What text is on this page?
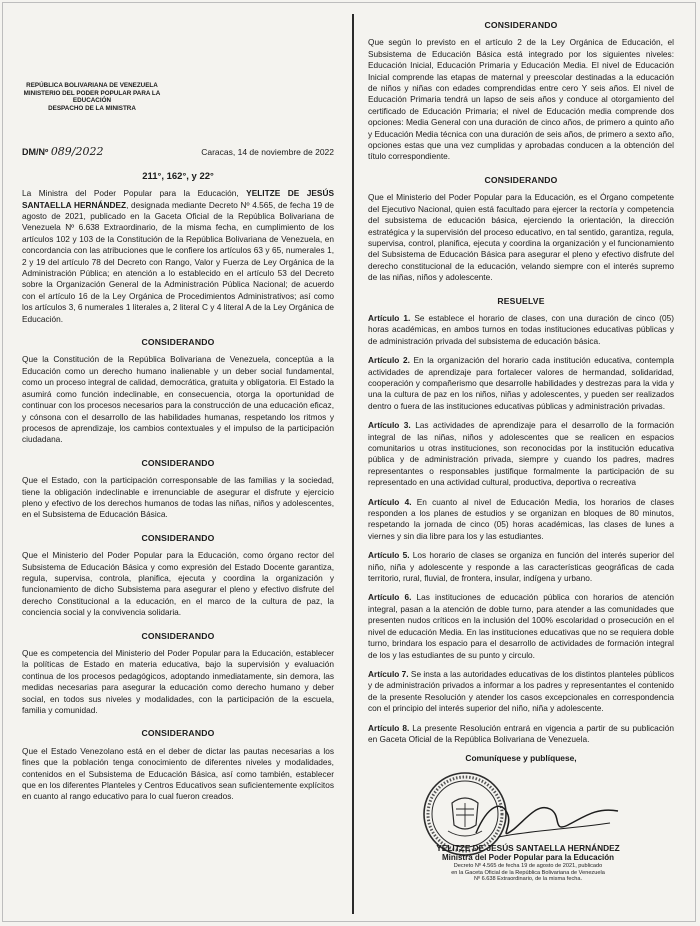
REPÚBLICA BOLIVARIANA DE VENEZUELA
MINISTERIO DEL PODER POPULAR PARA LA EDUCACIÓN
DESPACHO DE LA MINISTRA
DM/Nº 089/2022	Caracas, 14 de noviembre de 2022
211°, 162°, y 22°

La Ministra del Poder Popular para la Educación, YELITZE DE JESÚS SANTAELLA HERNÁNDEZ, designada mediante Decreto Nº 4.565, de fecha 19 de agosto de 2021, publicado en la Gaceta Oficial de la República Bolivariana de Venezuela Nº 6.638 Extraordinario, de la misma fecha, en cumplimiento de los artículos 102 y 103 de la Constitución de la República Bolivariana de Venezuela, en concordancia con las atribuciones que le confiere los artículos 63 y 65, numerales 1, 2 y 19 del artículo 78 del Decreto con Rango, Valor y Fuerza de Ley Orgánica de la Administración Pública; en atención a lo establecido en el artículo 53 del Decreto sobre la Organización General de la Administración Pública Nacional; de acuerdo con el artículo 16 de la Ley Orgánica de Procedimientos Administrativos; así como los artículos 3, 6 numerales 1 literales a, 2 literal C y 4 literal A de la Ley Orgánica de Educación.

CONSIDERANDO

Que la Constitución de la República Bolivariana de Venezuela, conceptúa a la Educación como un derecho humano inalienable y un deber social fundamental, como un proceso integral de calidad, democrática, gratuita y obligatoria. El Estado la asumirá como función indeclinable, en consecuencia, otorga la oportunidad de continuar con los procesos necesarios para la construcción de una educación eficaz, y cónsona con el desarrollo de las habilidades humanas, respetando los ritmos y procesos de aprendizaje, los cambios contextuales y el impulso de la participación ciudadana.

CONSIDERANDO

Que el Estado, con la participación corresponsable de las familias y la sociedad, tiene la obligación indeclinable e irrenunciable de asegurar el disfrute y ejercicio pleno y efectivo de los derechos humanos de todas las niñas, niños y adolescentes, en el Subsistema de Educación Básica.

CONSIDERANDO

Que el Ministerio del Poder Popular para la Educación, como órgano rector del Subsistema de Educación Básica y como expresión del Estado Docente garantiza, regula, supervisa, controla, planifica, ejecuta y coordina la organización y funcionamiento de dicho Subsistema para asegurar el pleno y efectivo disfrute del derecho Constitucional a la educación, en el marco de la cultura de paz, la conciencia social y la convivencia solidaria.

CONSIDERANDO

Que es competencia del Ministerio del Poder Popular para la Educación, establecer la políticas de Estado en materia educativa, bajo la supervisión y evaluación continua de los procesos pedagógicos, adoptando inmediatamente, sin demora, las medidas necesarias para asegurar la educación como derecho humano y deber social, en todos sus niveles y modalidades, con la participación de la escuela, familia y comunidad.

CONSIDERANDO

Que el Estado Venezolano está en el deber de dictar las pautas necesarias a los fines que la población tenga conocimiento de diferentes niveles y modalidades, contenidos en el Subsistema de Educación Básica, así como también, establecer que en los diferentes Planteles y Centros Educativos sean suficientemente explícitos en cuanto al rango educativo para lo cual fueron creados.

CONSIDERANDO

Que según lo previsto en el artículo 2 de la Ley Orgánica de Educación, el Subsistema de Educación Básica está integrado por los siguientes niveles: Educación Inicial, Educación Primaria y Educación Media. El nivel de Educación Inicial comprende las etapas de maternal y preescolar destinadas a la educación de niños y niñas con edades comprendidas entre cero Y seis años. El nivel de Educación Primaria tendrá un lapso de seis años y conduce al otorgamiento del certificado de Educación Primaria; el nivel de Educación media comprende dos opciones: Media General con una duración de cinco años, de primero a quinto año y Educación Media técnica con una duración de seis años, de primero a sexto año, opciones estas que una vez cumplidas y aprobadas conducen a la obtención del título correspondiente.

CONSIDERANDO

Que el Ministerio del Poder Popular para la Educación, es el Órgano competente del Ejecutivo Nacional, quien está facultado para ejercer la rectoría y competencia del subsistema de educación básica, ejerciendo la orientación, la dirección estratégica y la supervisión del proceso educativo, en tal sentido, garantiza, regula, supervisa, control, planifica, ejecuta y coordina la organización y el funcionamiento del Subsistema de Educación Básica para asegurar el pleno y efectivo disfrute del derecho constitucional de la educación, velando siempre con el interés supremo de las niñas, niños y adolescente.

RESUELVE

Artículo 1. Se establece el horario de clases, con una duración de cinco (05) horas académicas, en ambos turnos en todas instituciones educativas públicas y de administración privada del subsistema de educación básica.

Artículo 2. En la organización del horario cada institución educativa, contempla actividades de aprendizaje para fortalecer valores de hermandad, solidaridad, cooperación y compañerismo que desarrolle habilidades y destrezas para la vida y una la cultura de paz en los niños, niñas y adolescentes, y pueden ser realizados dentro o fuera de las instituciones educativas públicas y administración privadas.

Artículo 3. Las actividades de aprendizaje para el desarrollo de la formación integral de las niñas, niños y adolescentes que se realicen en espacios comunitarios u otras instituciones, son reconocidas por la institución educativa pública y de administración privada, siempre y cuando los padres, madres representantes o responsables justifique formalmente la participación de su representado en una actividad cultural, productiva, deportiva o recreativa

Artículo 4. En cuanto al nivel de Educación Media, los horarios de clases responden a los planes de estudios y se organizan en bloques de 80 minutos, respetando la jornada de cinco (05) horas académicas, las clases de lunes a viernes y sin dia libre para los y las estudiantes.

Artículo 5. Los horario de clases se organiza en función del interés superior del niño, niña y adolescente y responde a las características geográficas de cada territorio, rural, fluvial, de frontera, insular, indígena y urbano.

Artículo 6. Las instituciones de educación pública con horarios de atención integral, pasan a la atención de doble turno, para atender a las comunidades que presenten nudos críticos en la inclusión del 100% escolaridad o prosecución en el nivel de educación Media. En las instituciones educativas que no se requiera doble turno, brindara los espacio para el desarrollo de actividades de formación integral de los y las estudiantes de su punto y circulo.

Artículo 7. Se insta a las autoridades educativas de los distintos planteles públicos y de administración privados a informar a los padres y representantes el contenido de la presente Resolución y atender los casos excepcionales en correspondencia con el principio del interés superior del niño, niña y adolescente.

Artículo 8. La presente Resolución entrará en vigencia a partir de su publicación en Gaceta Oficial de la República Bolivariana de Venezuela.

Comuníquese y publíquese,
YELITZE DE JESÚS SANTAELLA HERNÁNDEZ
Ministra del Poder Popular para la Educación
Decreto Nº 4.565 de fecha 19 de agosto de 2021, publicado
en la Gaceta Oficial de la República Bolivariana de Venezuela
Nº 6.638 Extraordinario, de la misma fecha.
